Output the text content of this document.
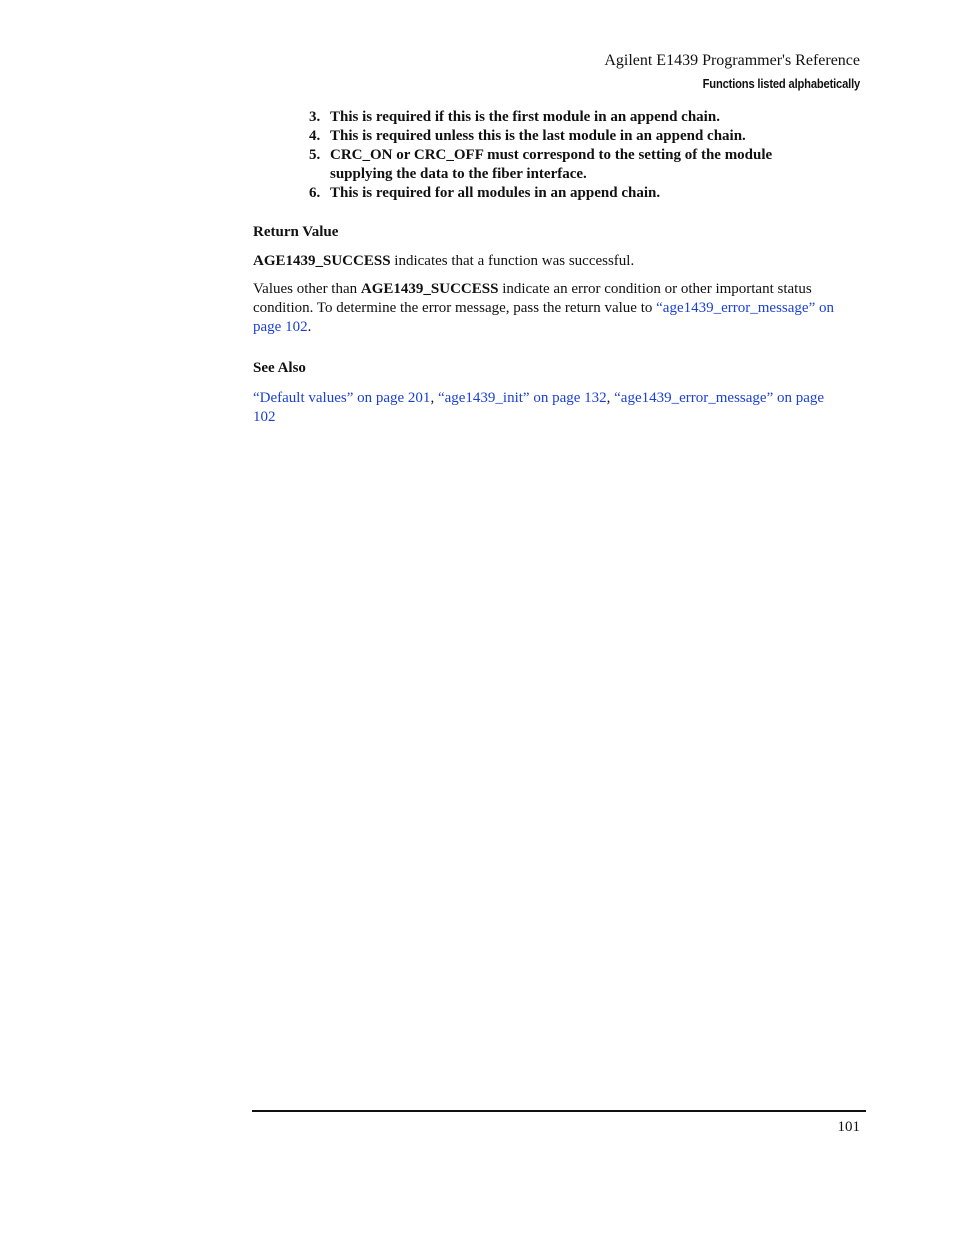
Agilent E1439 Programmer's Reference
Functions listed alphabetically
3. This is required if this is the first module in an append chain.
4. This is required unless this is the last module in an append chain.
5. CRC_ON or CRC_OFF must correspond to the setting of the module supplying the data to the fiber interface.
6. This is required for all modules in an append chain.

Return Value

AGE1439_SUCCESS indicates that a function was successful.

Values other than AGE1439_SUCCESS indicate an error condition or other important status condition. To determine the error message, pass the return value to “age1439_error_message” on page 102.

See Also

“Default values” on page 201, “age1439_init” on page 132, “age1439_error_message” on page 102

101
